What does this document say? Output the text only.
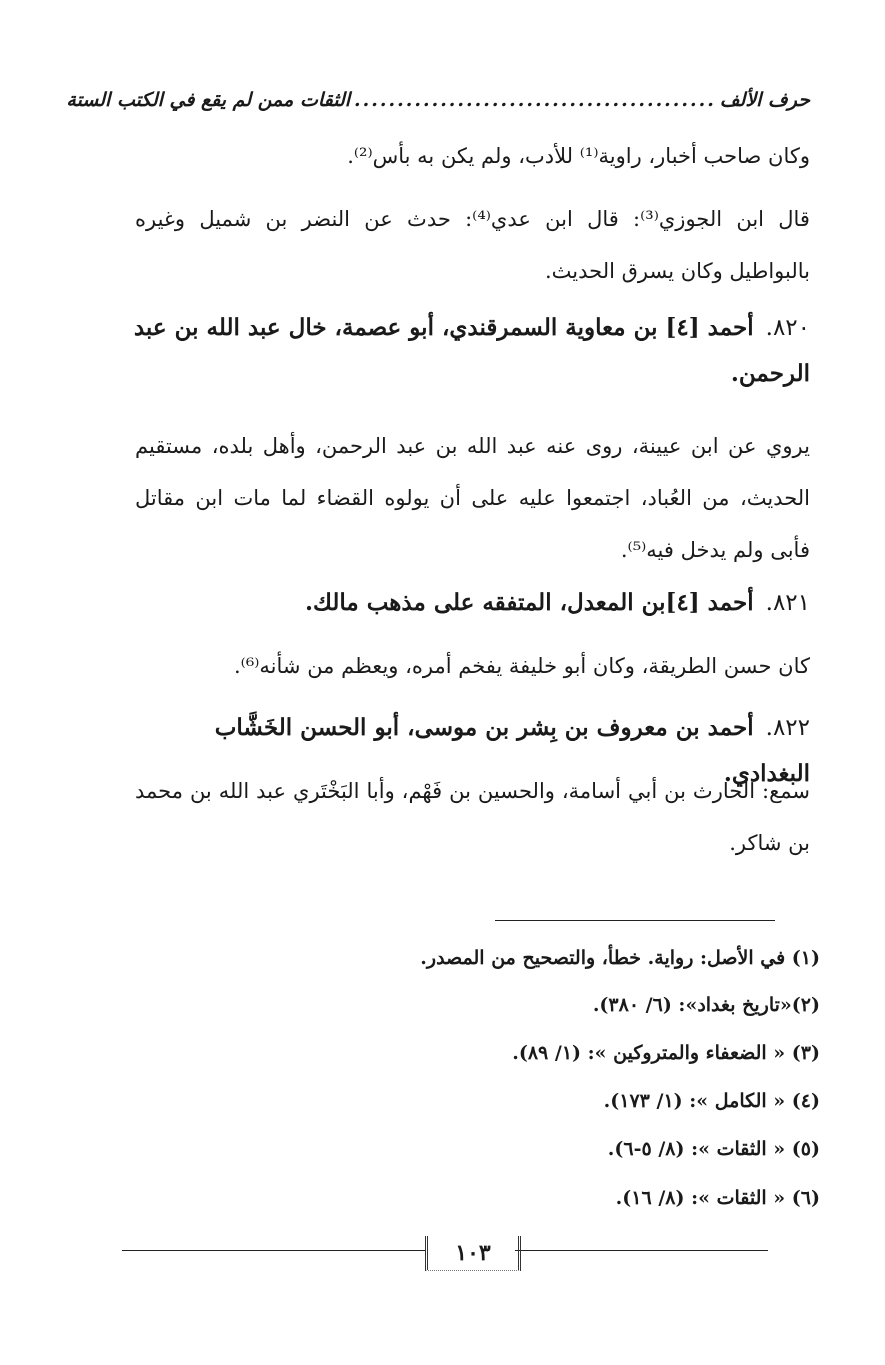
حرف الألف
..........................................
الثقات ممن لم يقع في الكتب الستة
وكان صاحب أخبار، راوية⁽¹⁾ للأدب، ولم يكن به بأس⁽²⁾.
قال ابن الجوزي⁽³⁾: قال ابن عدي⁽⁴⁾: حدث عن النضر بن شميل وغيره بالبواطيل وكان يسرق الحديث.
٨٢٠.أحمد [٤] بن معاوية السمرقندي، أبو عصمة، خال عبد الله بن عبد الرحمن.
يروي عن ابن عيينة، روى عنه عبد الله بن عبد الرحمن، وأهل بلده، مستقيم الحديث، من العُباد، اجتمعوا عليه على أن يولوه القضاء لما مات ابن مقاتل فأبى ولم يدخل فيه⁽⁵⁾.
٨٢١.أحمد [٤]بن المعدل، المتفقه على مذهب مالك.
كان حسن الطريقة، وكان أبو خليفة يفخم أمره، ويعظم من شأنه⁽⁶⁾.
٨٢٢.أحمد بن معروف بن بِشر بن موسى، أبو الحسن الخَشَّاب البغدادي.
سمع: الحارث بن أبي أسامة، والحسين بن فَهْم، وأبا البَخْتَري عبد الله بن محمد بن شاكر.
(١) في الأصل: رواية. خطأ، والتصحيح من المصدر.
(٢)«تاريخ بغداد»: (٦/ ٣٨٠).
(٣) « الضعفاء والمتروكين »: (١/ ٨٩).
(٤) « الكامل »: (١/ ١٧٣).
(٥) « الثقات »: (٨/ ٥-٦).
(٦) « الثقات »: (٨/ ١٦).
١٠٣
